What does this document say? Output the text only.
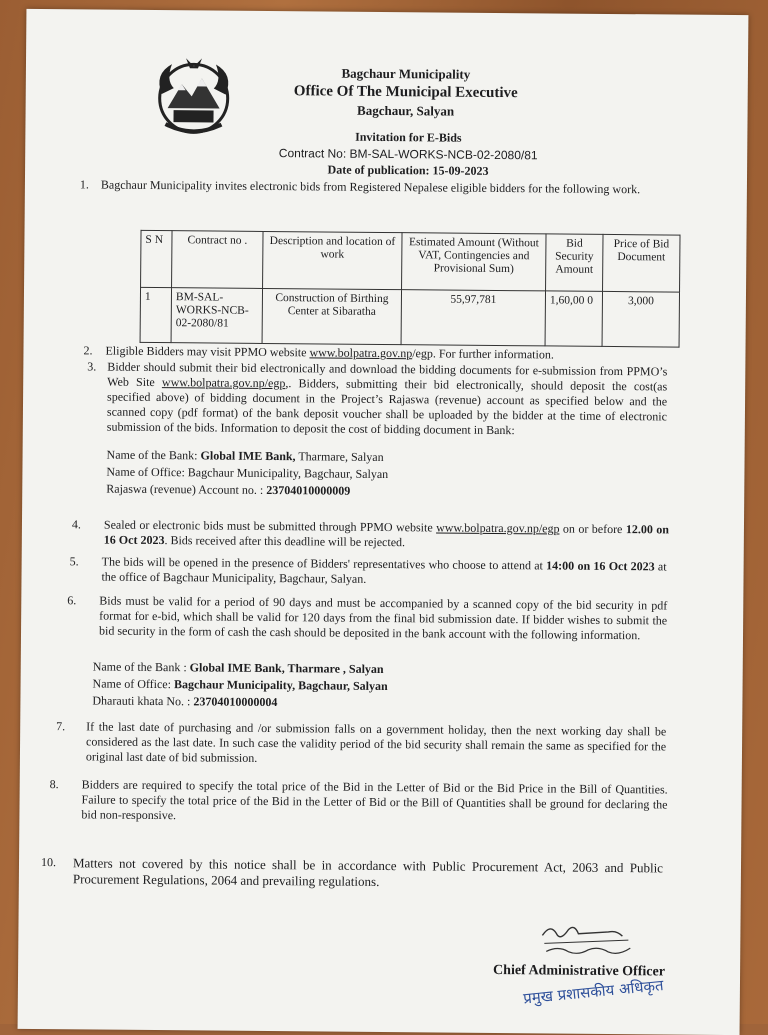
Bagchaur Municipality
Office Of The Municipal Executive
Bagchaur, Salyan
Invitation for E-Bids
Contract No: BM-SAL-WORKS-NCB-02-2080/81
Date of publication: 15-09-2023
1. Bagchaur Municipality invites electronic bids from Registered Nepalese eligible bidders for the following work.
S N	Contract no .	Description and location of work	Estimated Amount (Without VAT, Contingencies and Provisional Sum)	Bid Security Amount	Price of Bid Document
1	BM-SAL-WORKS-NCB-02-2080/81	Construction of Birthing Center at Sibaratha	55,97,781	1,60,00 0	3,000
2. Eligible Bidders may visit PPMO website www.bolpatra.gov.np/egp. For further information.
3. Bidder should submit their bid electronically and download the bidding documents for e-submission from PPMO’s Web Site www.bolpatra.gov.np/egp,. Bidders, submitting their bid electronically, should deposit the cost(as specified above) of bidding document in the Project’s Rajaswa (revenue) account as specified below and the scanned copy (pdf format) of the bank deposit voucher shall be uploaded by the bidder at the time of electronic submission of the bids. Information to deposit the cost of bidding document in Bank:
Name of the Bank: Global IME Bank, Tharmare, Salyan
Name of Office: Bagchaur Municipality, Bagchaur, Salyan
Rajaswa (revenue) Account no. : 23704010000009
4. Sealed or electronic bids must be submitted through PPMO website www.bolpatra.gov.np/egp on or before 12.00 on 16 Oct 2023. Bids received after this deadline will be rejected.
5. The bids will be opened in the presence of Bidders' representatives who choose to attend at 14:00 on 16 Oct 2023 at the office of Bagchaur Municipality, Bagchaur, Salyan.
6. Bids must be valid for a period of 90 days and must be accompanied by a scanned copy of the bid security in pdf format for e-bid, which shall be valid for 120 days from the final bid submission date. If bidder wishes to submit the bid security in the form of cash the cash should be deposited in the bank account with the following information.
Name of the Bank : Global IME Bank, Tharmare , Salyan
Name of Office: Bagchaur Municipality, Bagchaur, Salyan
Dharauti khata No. : 23704010000004
7. If the last date of purchasing and /or submission falls on a government holiday, then the next working day shall be considered as the last date. In such case the validity period of the bid security shall remain the same as specified for the original last date of bid submission.
8. Bidders are required to specify the total price of the Bid in the Letter of Bid or the Bid Price in the Bill of Quantities. Failure to specify the total price of the Bid in the Letter of Bid or the Bill of Quantities shall be ground for declaring the bid non-responsive.
10. Matters not covered by this notice shall be in accordance with Public Procurement Act, 2063 and Public Procurement Regulations, 2064 and prevailing regulations.
Chief Administrative Officer
प्रमुख प्रशासकीय अधिकृत
